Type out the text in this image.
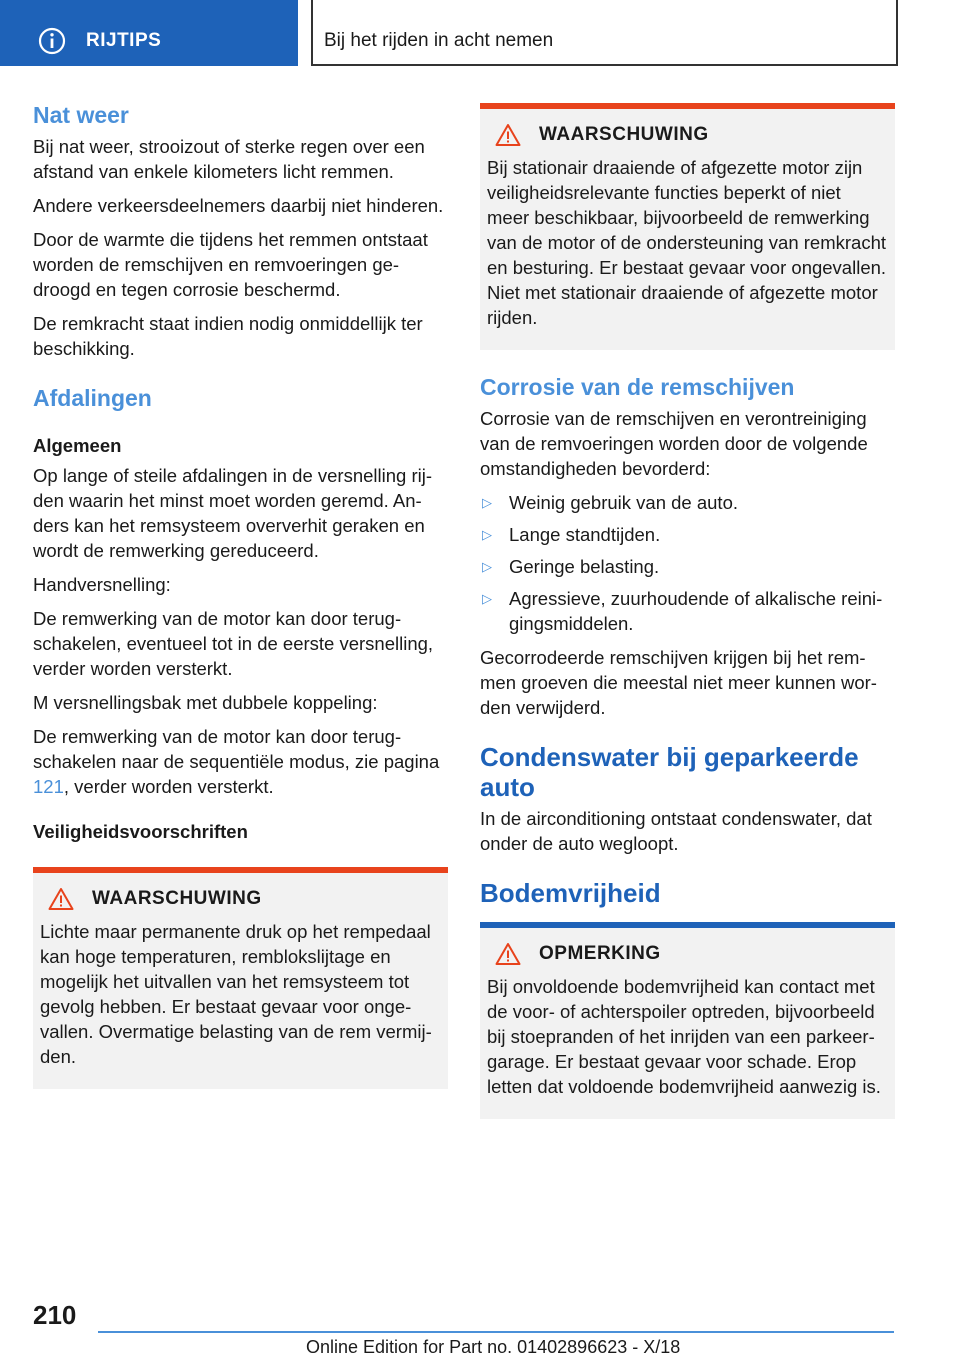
RIJTIPS	Bij het rijden in acht nemen
Nat weer

Bij nat weer, strooizout of sterke regen over een afstand van enkele kilometers licht remmen.

Andere verkeersdeelnemers daarbij niet hinderen.

Door de warmte die tijdens het remmen ontstaat worden de remschijven en remvoeringen gedroogd en tegen corrosie beschermd.

De remkracht staat indien nodig onmiddellijk ter beschikking.

Afdalingen
Algemeen

Op lange of steile afdalingen in de versnelling rijden waarin het minst moet worden geremd. Anders kan het remsysteem oververhit geraken en wordt de remwerking gereduceerd.

Handversnelling:

De remwerking van de motor kan door terugschakelen, eventueel tot in de eerste versnelling, verder worden versterkt.

M versnellingsbak met dubbele koppeling:

De remwerking van de motor kan door terugschakelen naar de sequentiële modus, zie pagina 121, verder worden versterkt.

Veiligheidsvoorschriften
WAARSCHUWING

Lichte maar permanente druk op het rempedaal kan hoge temperaturen, remblokslijtage en mogelijk het uitvallen van het remsysteem tot gevolg hebben. Er bestaat gevaar voor ongevallen. Overmatige belasting van de rem vermijden.

WAARSCHUWING

Bij stationair draaiende of afgezette motor zijn veiligheidsrelevante functies beperkt of niet meer beschikbaar, bijvoorbeeld de remwerking van de motor of de ondersteuning van remkracht en besturing. Er bestaat gevaar voor ongevallen. Niet met stationair draaiende of afgezette motor rijden.

Corrosie van de remschijven

Corrosie van de remschijven en verontreiniging van de remvoeringen worden door de volgende omstandigheden bevorderd:

▷ Weinig gebruik van de auto.
▷ Lange standtijden.
▷ Geringe belasting.
▷ Agressieve, zuurhoudende of alkalische reinigingsmiddelen.

Gecorrodeerde remschijven krijgen bij het remmen groeven die meestal niet meer kunnen worden verwijderd.

Condenswater bij geparkeerde auto

In de airconditioning ontstaat condenswater, dat onder de auto wegloopt.

Bodemvrijheid
OPMERKING

Bij onvoldoende bodemvrijheid kan contact met de voor- of achterspoiler optreden, bijvoorbeeld bij stoepranden of het inrijden van een parkeergarage. Er bestaat gevaar voor schade. Erop letten dat voldoende bodemvrijheid aanwezig is.

210
Online Edition for Part no. 01402896623 - X/18
